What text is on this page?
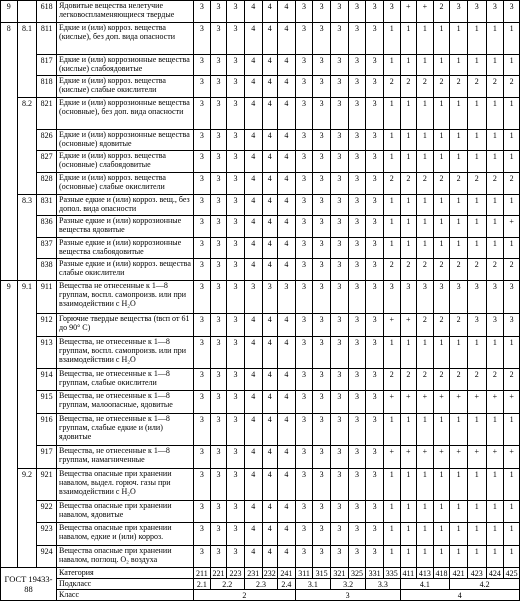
9		618	Ядовитые вещества нелетучие легковоспламеняющиеся твердые	3	3	3	4	4	4	3	3	3	3	3	3	+	+	2	3	3	3	3
8	8.1	811	Едкие и (или) корроз. вещества (кислые), без доп. вида опасности	3	3	3	4	4	4	3	3	3	3	3	1	1	1	1	1	1	1	1
		817	Едкие и (или) коррозионные вещества (кислые) слабоядовитые	3	3	3	4	4	4	3	3	3	3	3	1	1	1	1	1	1	1	1
		818	Едкие и (или) корроз. вещества (кислые) слабые окислители	3	3	3	4	4	4	3	3	3	3	3	2	2	2	2	2	2	2	2
	8.2	821	Едкие и (или) коррозионные вещества (основные), без доп. вида опасности	3	3	3	4	4	4	3	3	3	3	3	1	1	1	1	1	1	1	1
		826	Едкие и (или) коррозионные вещества (основные) ядовитые	3	3	3	4	4	4	3	3	3	3	3	1	1	1	1	1	1	1	1
		827	Едкие и (или) корроз. вещества (основные) слабоядовитые	3	3	3	4	4	4	3	3	3	3	3	1	1	1	1	1	1	1	1
		828	Едкие и (или) корроз. вещества (основные) слабые окислители	3	3	3	4	4	4	3	3	3	3	3	2	2	2	2	2	2	2	2
	8.3	831	Разные едкие и (или) корроз. вещ., без допол. вида опасности	3	3	3	4	4	4	3	3	3	3	3	1	1	1	1	1	1	1	1
		836	Разные едкие и (или) коррозионные вещества ядовитые	3	3	3	4	4	4	3	3	3	3	3	1	1	1	1	1	1	1	+
		837	Разные едкие и (или) коррозионные вещества слабоядовитые	3	3	3	4	4	4	3	3	3	3	3	1	1	1	1	1	1	1	1
		838	Разные едкие и (или) корроз. вещества слабые окислители	3	3	3	4	4	4	3	3	3	3	3	2	2	2	2	2	2	2	2
9	9.1	911	Вещества не отнесенные к 1—8 группам, воспл. самопроизв. или при взаимодействии с H₂O	3	3	3	3	3	3	3	3	3	3	3	3	3	3	3	3	3	3	3
		912	Горючие твердые вещества (tвсп от 61 до 90° С)	3	3	3	4	4	4	3	3	3	3	3	+	+	2	2	2	3	3	3
		913	Вещества, не отнесенные к 1—8 группам, воспл. самопроизв. или при взаимодействии с H₂O	3	3	3	4	4	4	3	3	3	3	3	1	1	1	1	1	1	1	1
		914	Вещества, не отнесенные к 1—8 группам, слабые окислители	3	3	3	4	4	4	3	3	3	3	3	2	2	2	2	2	2	2	2
		915	Вещества, не отнесенные к 1—8 группам, малоопасные, ядовитые	3	3	3	4	4	4	3	3	3	3	3	+	+	+	+	+	+	+	+
		916	Вещества, не отнесенные к 1—8 группам, слабые едкие и (или) ядовитые	3	3	3	4	4	4	3	3	3	3	3	1	1	1	1	1	1	1	1
		917	Вещества, не отнесенные к 1—8 группам, намагниченные	3	3	3	4	4	4	3	3	3	3	3	+	+	+	+	+	+	+	+
	9.2	921	Вещества опасные при хранении навалом, выдел. горюч. газы при взаимодействии с H₂O	3	3	3	4	4	4	3	3	3	3	3	1	1	1	1	1	1	1	1
		922	Вещества опасные при хранении навалом, ядовитые	3	3	3	4	4	4	3	3	3	3	3	1	1	1	1	1	1	1	1
		923	Вещества опасные при хранении навалом, едкие и (или) корроз.	3	3	3	4	4	4	3	3	3	3	3	1	1	1	1	1	1	1	1
		924	Вещества опасные при хранении навалом, поглощ. O₂ воздуха	3	3	3	4	4	4	3	3	3	3	3	1	1	1	1	1	1	1	1
ГОСТ 19433-88			Категория	211	221	223	231	232	241	311	315	321	325	331	335	411	413	418	421	423	424	425
			Подкласс	2.1	2.2		2.3		2.4	3.1		3.2		3.3		4.1			4.2			
			Класс	2						3						4						
